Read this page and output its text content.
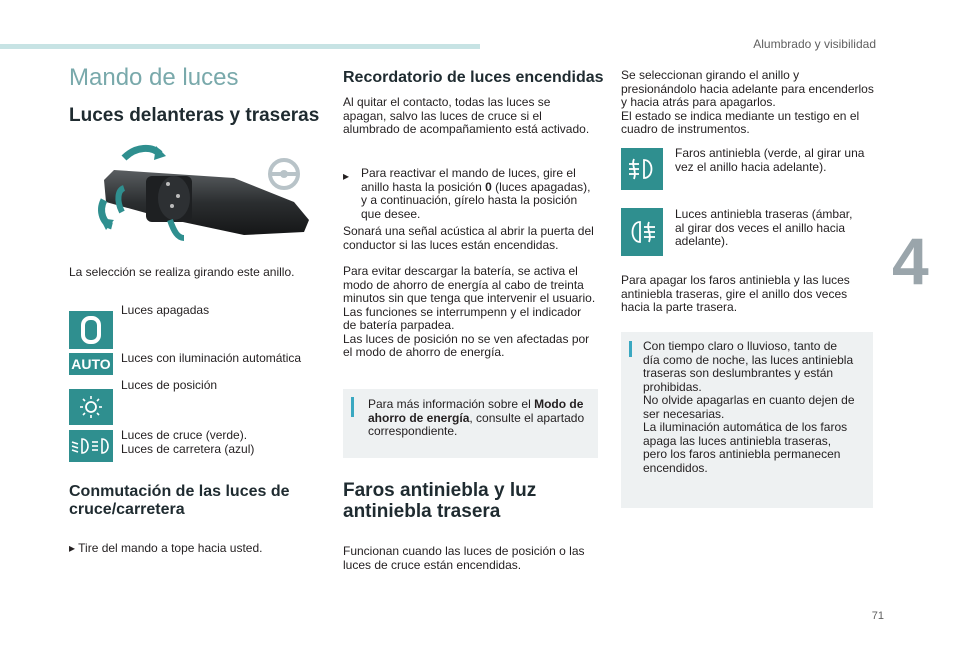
Alumbrado y visibilidad
4
71
Mando de luces
Luces delanteras y traseras
La selección se realiza girando este anillo.
Luces apagadas
AUTO Luces con iluminación automática
Luces de posición
Luces de cruce (verde).
Luces de carretera (azul)
Conmutación de las luces de
cruce/carretera

▸ Tire del mando a tope hacia usted.

Recordatorio de luces encendidas
Al quitar el contacto, todas las luces se
apagan, salvo las luces de cruce si el
alumbrado de acompañamiento está activado.
▸ Para reactivar el mando de luces, gire el
anillo hasta la posición 0 (luces apagadas),
y a continuación, gírelo hasta la posición
que desee.
Sonará una señal acústica al abrir la puerta del
conductor si las luces están encendidas.
Para evitar descargar la batería, se activa el
modo de ahorro de energía al cabo de treinta
minutos sin que tenga que intervenir el usuario.
Las funciones se interrumpenn y el indicador
de batería parpadea.
Las luces de posición no se ven afectadas por
el modo de ahorro de energía.
Para más información sobre el Modo de
ahorro de energía, consulte el apartado
correspondiente.
Faros antiniebla y luz
antiniebla trasera
Funcionan cuando las luces de posición o las
luces de cruce están encendidas.
Se seleccionan girando el anillo y
presionándolo hacia adelante para encenderlos
y hacia atrás para apagarlos.
El estado se indica mediante un testigo en el
cuadro de instrumentos.
Faros antiniebla (verde, al girar una
vez el anillo hacia adelante).
Luces antiniebla traseras (ámbar,
al girar dos veces el anillo hacia
adelante).
Para apagar los faros antiniebla y las luces
antiniebla traseras, gire el anillo dos veces
hacia la parte trasera.
Con tiempo claro o lluvioso, tanto de
día como de noche, las luces antiniebla
traseras son deslumbrantes y están
prohibidas.
No olvide apagarlas en cuanto dejen de
ser necesarias.
La iluminación automática de los faros
apaga las luces antiniebla traseras,
pero los faros antiniebla permanecen
encendidos.
